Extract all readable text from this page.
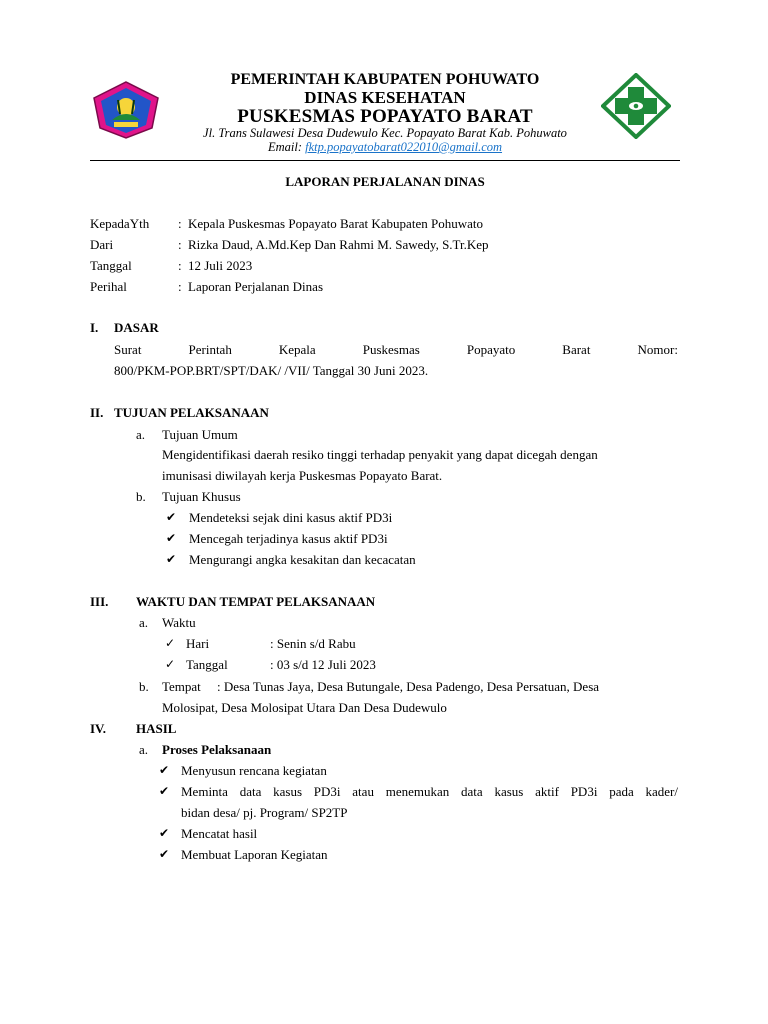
PEMERINTAH KABUPATEN POHUWATO
DINAS KESEHATAN
PUSKESMAS POPAYATO BARAT
Jl. Trans Sulawesi Desa Dudewulo Kec. Popayato Barat Kab. Pohuwato
Email: fktp.popayatobarat022010@gmail.com
LAPORAN PERJALANAN DINAS
KepadaYth : Kepala Puskesmas Popayato Barat Kabupaten Pohuwato
Dari	: Rizka Daud, A.Md.Kep Dan Rahmi M. Sawedy, S.Tr.Kep
Tanggal	: 12 Juli 2023
Perihal	: Laporan Perjalanan Dinas
I. DASAR
Surat	Perintah	Kepala	Puskesmas	Popayato	Barat	Nomor:
800/PKM-POP.BRT/SPT/DAK/ /VII/ Tanggal 30 Juni 2023.
II. TUJUAN PELAKSANAAN
a. Tujuan Umum
Mengidentifikasi daerah resiko tinggi terhadap penyakit yang dapat dicegah dengan
imunisasi diwilayah kerja Puskesmas Popayato Barat.
b. Tujuan Khusus
✔ Mendeteksi sejak dini kasus aktif PD3i
✔ Mencegah terjadinya kasus aktif PD3i
✔ Mengurangi angka kesakitan dan kecacatan
III. WAKTU DAN TEMPAT PELAKSANAAN
a. Waktu
✓ Hari	: Senin s/d Rabu
✓ Tanggal	: 03 s/d 12 Juli 2023
b. Tempat     : Desa Tunas Jaya, Desa Butungale, Desa Padengo, Desa Persatuan, Desa
Molosipat, Desa Molosipat Utara Dan Desa Dudewulo
IV. HASIL
a. Proses Pelaksanaan
✔ Menyusun rencana kegiatan
✔ Meminta data kasus PD3i atau menemukan data kasus aktif PD3i pada kader/
bidan desa/ pj. Program/ SP2TP
✔ Mencatat hasil
✔ Membuat Laporan Kegiatan
